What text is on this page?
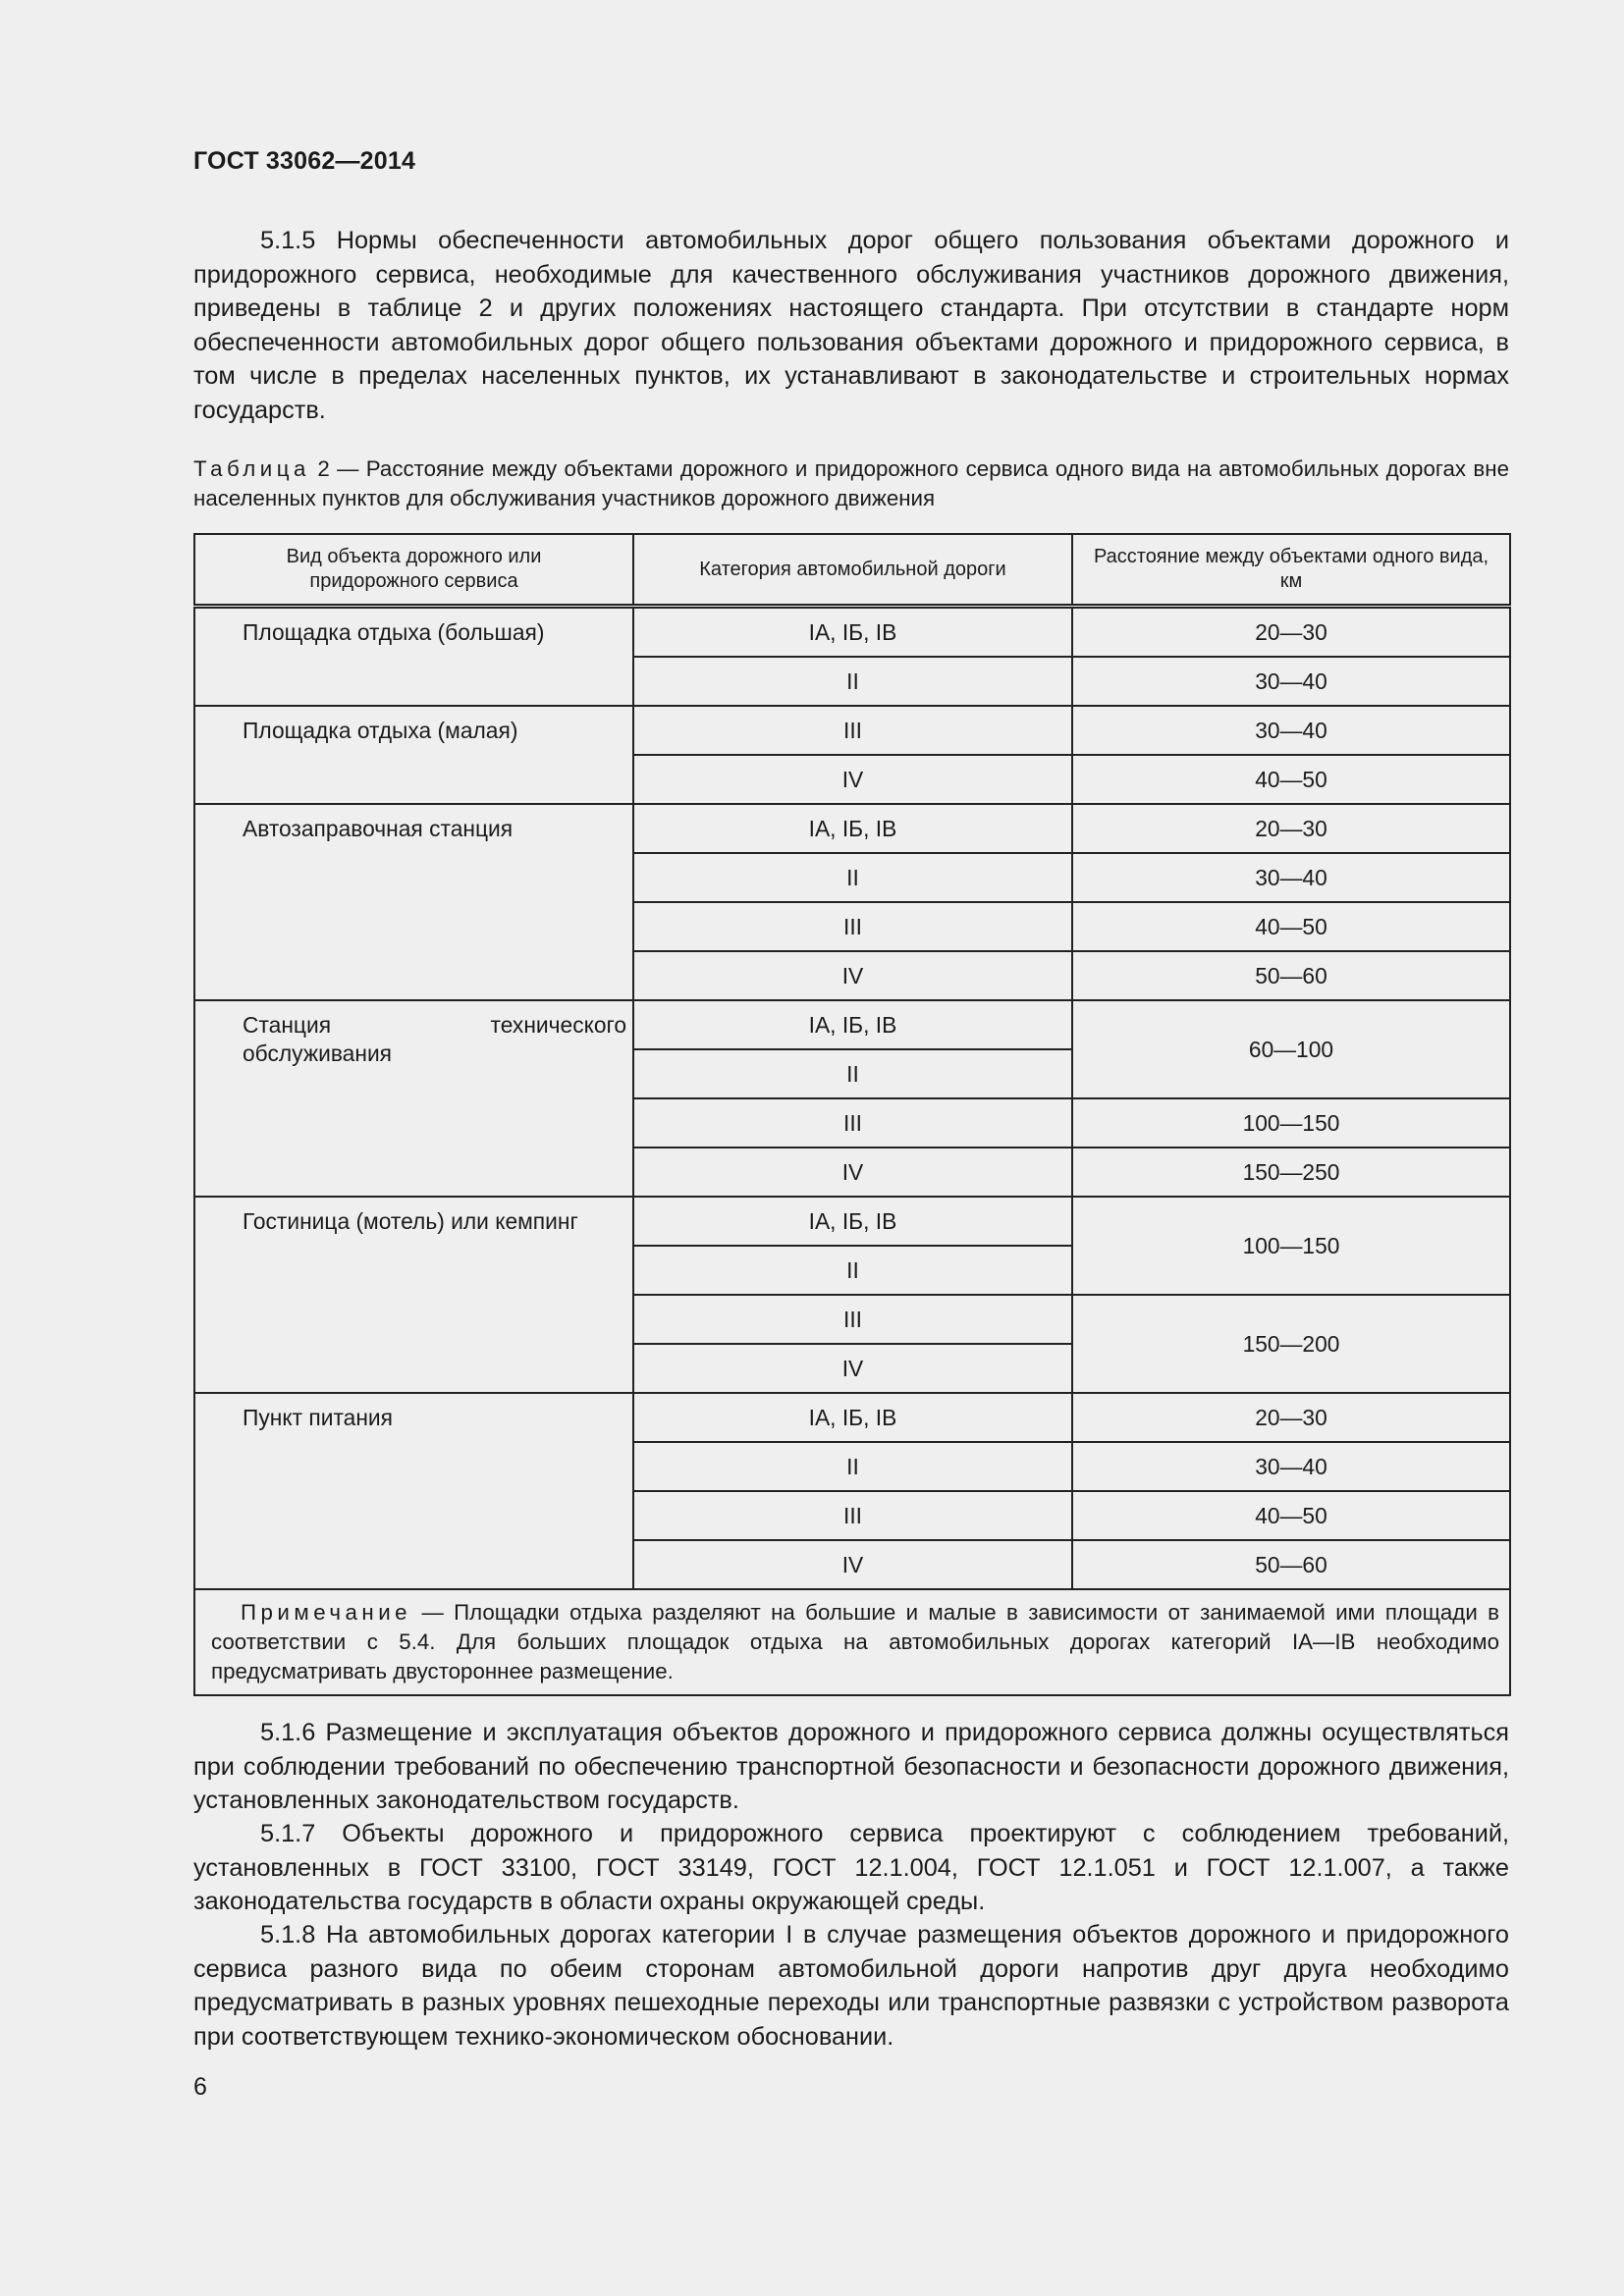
ГОСТ 33062—2014

5.1.5 Нормы обеспеченности автомобильных дорог общего пользования объектами дорожного и придорожного сервиса, необходимые для качественного обслуживания участников дорожного движения, приведены в таблице 2 и других положениях настоящего стандарта. При отсутствии в стандарте норм обеспеченности автомобильных дорог общего пользования объектами дорожного и придорожного сервиса, в том числе в пределах населенных пунктов, их устанавливают в законодательстве и строительных нормах государств.

Таблица 2 — Расстояние между объектами дорожного и придорожного сервиса одного вида на автомобильных дорогах вне населенных пунктов для обслуживания участников дорожного движения

Вид объекта дорожного или придорожного сервиса	Категория автомобильной дороги	Расстояние между объектами одного вида, км
Площадка отдыха (большая)	IА, IБ, IВ	20—30
	II	30—40
Площадка отдыха (малая)	III	30—40
	IV	40—50
Автозаправочная станция	IА, IБ, IВ	20—30
	II	30—40
	III	40—50
	IV	50—60
Станция технического обслуживания	IА, IБ, IВ	60—100
	II	
	III	100—150
	IV	150—250
Гостиница (мотель) или кемпинг	IА, IБ, IВ	100—150
	II	
	III	150—200
	IV	
Пункт питания	IА, IБ, IВ	20—30
	II	30—40
	III	40—50
	IV	50—60
Примечание — Площадки отдыха разделяют на большие и малые в зависимости от занимаемой ими площади в соответствии с 5.4. Для больших площадок отдыха на автомобильных дорогах категорий IА—IВ необходимо предусматривать двустороннее размещение.		

5.1.6 Размещение и эксплуатация объектов дорожного и придорожного сервиса должны осуществляться при соблюдении требований по обеспечению транспортной безопасности и безопасности дорожного движения, установленных законодательством государств.

5.1.7 Объекты дорожного и придорожного сервиса проектируют с соблюдением требований, установленных в ГОСТ 33100, ГОСТ 33149, ГОСТ 12.1.004, ГОСТ 12.1.051 и ГОСТ 12.1.007, а также законодательства государств в области охраны окружающей среды.

5.1.8 На автомобильных дорогах категории I в случае размещения объектов дорожного и придорожного сервиса разного вида по обеим сторонам автомобильной дороги напротив друг друга необходимо предусматривать в разных уровнях пешеходные переходы или транспортные развязки с устройством разворота при соответствующем технико-экономическом обосновании.

6
